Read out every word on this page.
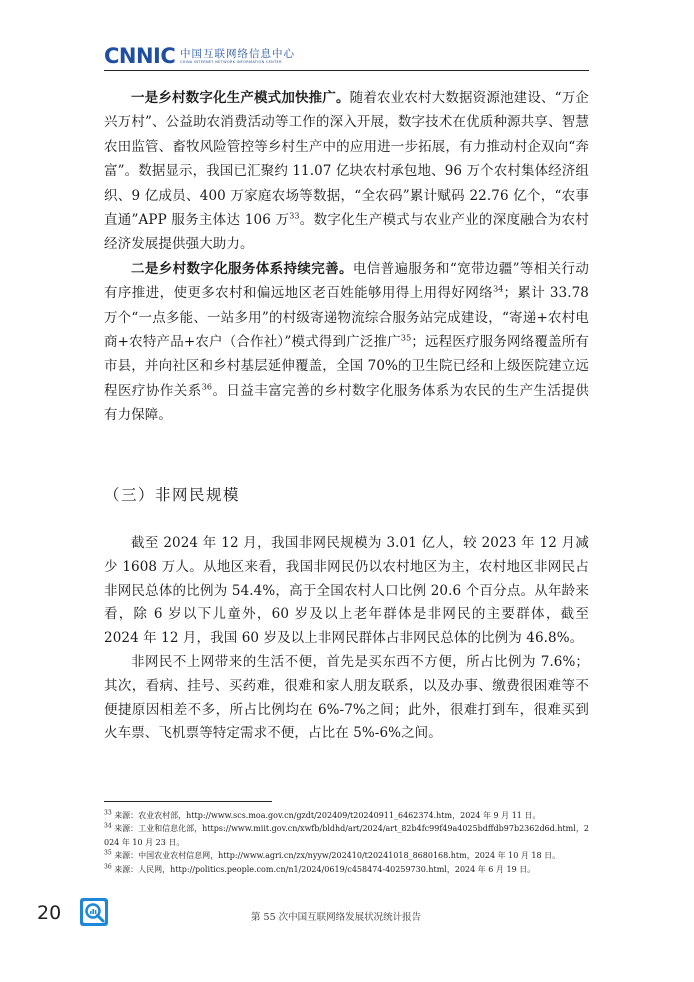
CNNIC 中国互联网络信息中心
CHINA INTERNET NETWORK INFORMATION CENTER

一是乡村数字化生产模式加快推广。随着农业农村大数据资源池建设、“万企兴万村”、公益助农消费活动等工作的深入开展，数字技术在优质种源共享、智慧农田监管、畜牧风险管控等乡村生产中的应用进一步拓展，有力推动村企双向“奔富”。数据显示，我国已汇聚约 11.07 亿块农村承包地、96 万个农村集体经济组织、9 亿成员、400 万家庭农场等数据，“全农码”累计赋码 22.76 亿个，“农事直通”APP 服务主体达 106 万$^{33}$。数字化生产模式与农业产业的深度融合为农村经济发展提供强大助力。

二是乡村数字化服务体系持续完善。电信普遍服务和“宽带边疆”等相关行动有序推进，使更多农村和偏远地区老百姓能够用得上用得好网络$^{34}$；累计 33.78 万个“一点多能、一站多用”的村级寄递物流综合服务站完成建设，“寄递+农村电商+农特产品+农户（合作社）”模式得到广泛推广$^{35}$；远程医疗服务网络覆盖所有市县，并向社区和乡村基层延伸覆盖，全国 70%的卫生院已经和上级医院建立远程医疗协作关系$^{36}$。日益丰富完善的乡村数字化服务体系为农民的生产生活提供有力保障。

（三）非网民规模

截至 2024 年 12 月，我国非网民规模为 3.01 亿人，较 2023 年 12 月减少 1608 万人。从地区来看，我国非网民仍以农村地区为主，农村地区非网民占非网民总体的比例为 54.4%，高于全国农村人口比例 20.6 个百分点。从年龄来看，除 6 岁以下儿童外，60 岁及以上老年群体是非网民的主要群体，截至 2024 年 12 月，我国 60 岁及以上非网民群体占非网民总体的比例为 46.8%。

非网民不上网带来的生活不便，首先是买东西不方便，所占比例为 7.6%；其次，看病、挂号、买药难，很难和家人朋友联系，以及办事、缴费很困难等不便捷原因相差不多，所占比例均在 6%-7%之间；此外，很难打到车，很难买到火车票、飞机票等特定需求不便，占比在 5%-6%之间。

$^{33}$ 来源：农业农村部，http://www.scs.moa.gov.cn/gzdt/202409/t20240911_6462374.htm，2024 年 9 月 11 日。

$^{34}$ 来源：工业和信息化部，https://www.miit.gov.cn/xwfb/bldhd/art/2024/art_82b4fc99f49a4025bdffdb97b2362d6d.html，2024 年 10 月 23 日。

$^{35}$ 来源：中国农业农村信息网，http://www.agri.cn/zx/nyyw/202410/t20241018_8680168.htm，2024 年 10 月 18 日。

$^{36}$ 来源：人民网，http://politics.people.com.cn/n1/2024/0619/c458474-40259730.html，2024 年 6 月 19 日。

20	第 55 次中国互联网络发展状况统计报告
